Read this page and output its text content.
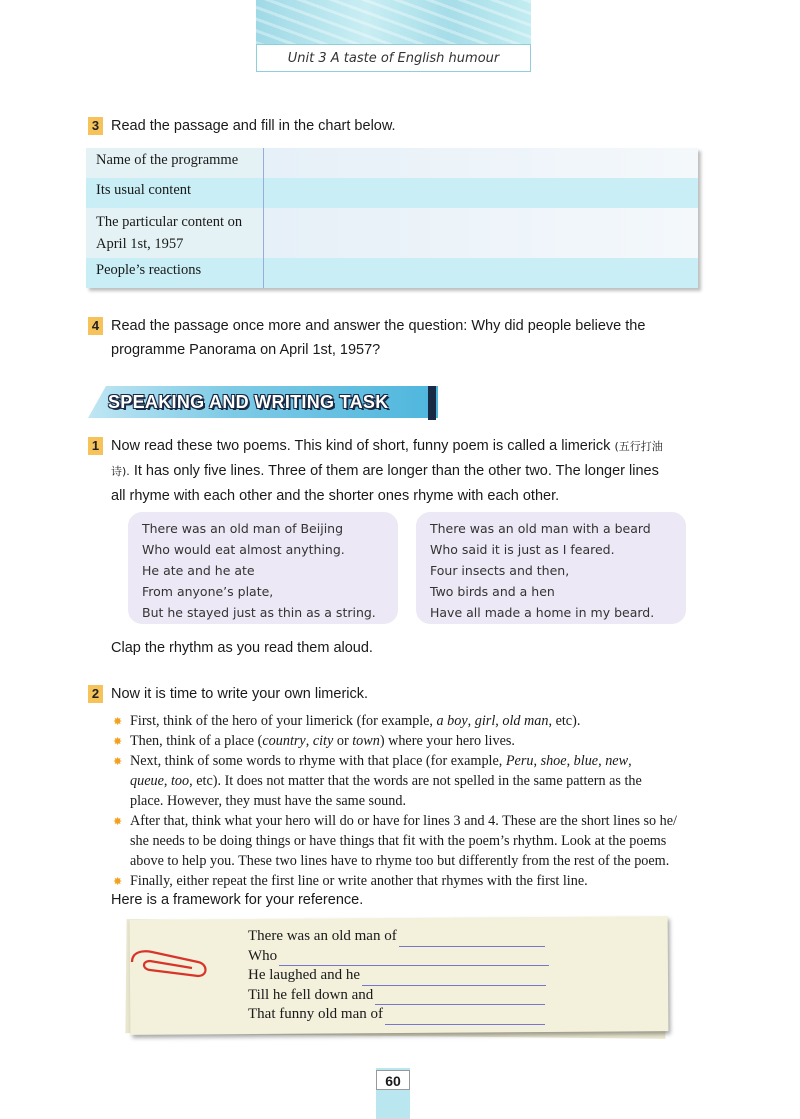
Unit 3 A taste of English humour
3 Read the passage and fill in the chart below.
Name of the programme
Its usual content
The particular content on
April 1st, 1957
People’s reactions
4 Read the passage once more and answer the question: Why did people believe the
programme Panorama on April 1st, 1957?
SPEAKING AND WRITING TASK
1 Now read these two poems. This kind of short, funny poem is called a limerick (五行打油
诗). It has only five lines. Three of them are longer than the other two. The longer lines
all rhyme with each other and the shorter ones rhyme with each other.
There was an old man of Beijing
Who would eat almost anything.
He ate and he ate
From anyone’s plate,
But he stayed just as thin as a string.
There was an old man with a beard
Who said it is just as I feared.
Four insects and then,
Two birds and a hen
Have all made a home in my beard.
Clap the rhythm as you read them aloud.
2 Now it is time to write your own limerick.
✸ First, think of the hero of your limerick (for example, a boy, girl, old man, etc).
✸ Then, think of a place (country, city or town) where your hero lives.
✸ Next, think of some words to rhyme with that place (for example, Peru, shoe, blue, new,
queue, too, etc). It does not matter that the words are not spelled in the same pattern as the
place. However, they must have the same sound.
✸ After that, think what your hero will do or have for lines 3 and 4. These are the short lines so he/
she needs to be doing things or have things that fit with the poem’s rhythm. Look at the poems
above to help you. These two lines have to rhyme too but differently from the rest of the poem.
✸ Finally, either repeat the first line or write another that rhymes with the first line.
Here is a framework for your reference.
There was an old man of
Who
He laughed and he
Till he fell down and
That funny old man of
60
